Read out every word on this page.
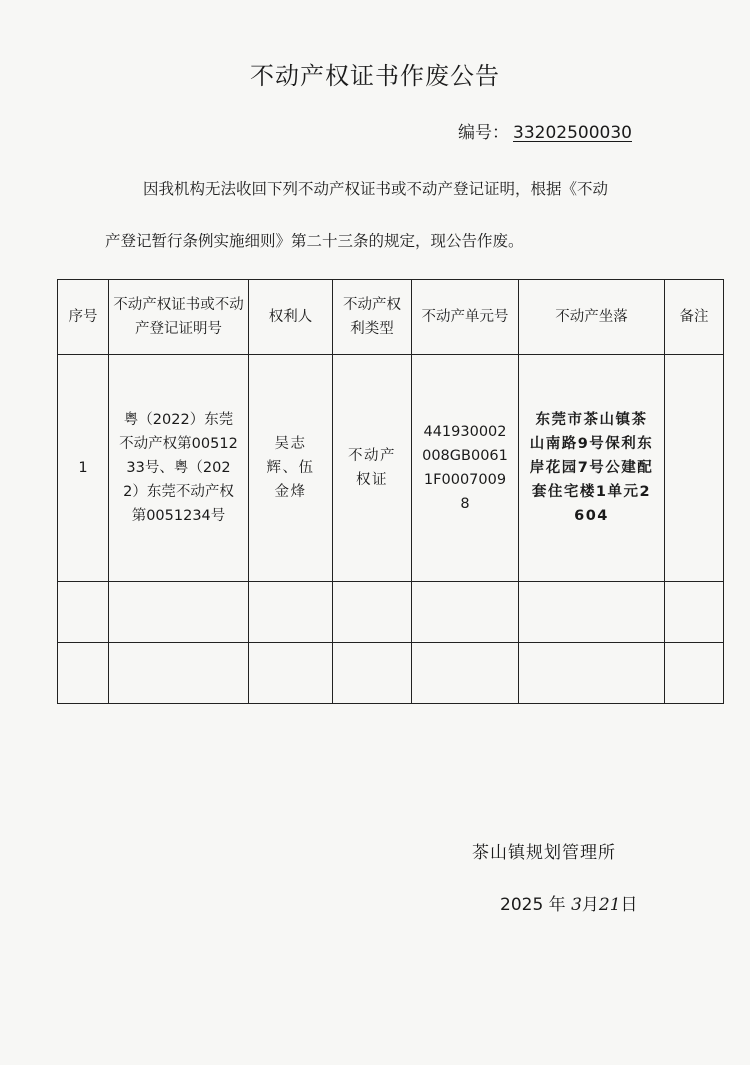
不动产权证书作废公告
编号： 33202500030
因我机构无法收回下列不动产权证书或不动产登记证明，根据《不动
产登记暂行条例实施细则》第二十三条的规定，现公告作废。
序号	不动产权证书或不动产登记证明号	权利人	不动产权利类型	不动产单元号	不动产坐落	备注
1	粤（2022）东莞不动产权第0051233号、粤（2022）东莞不动产权第0051234号	吴志辉、伍金烽	不动产权证	441930002008GB00611F00070098	东莞市茶山镇茶山南路9号保利东岸花园7号公建配套住宅楼1单元2604	

茶山镇规划管理所
2025 年 3月21日
